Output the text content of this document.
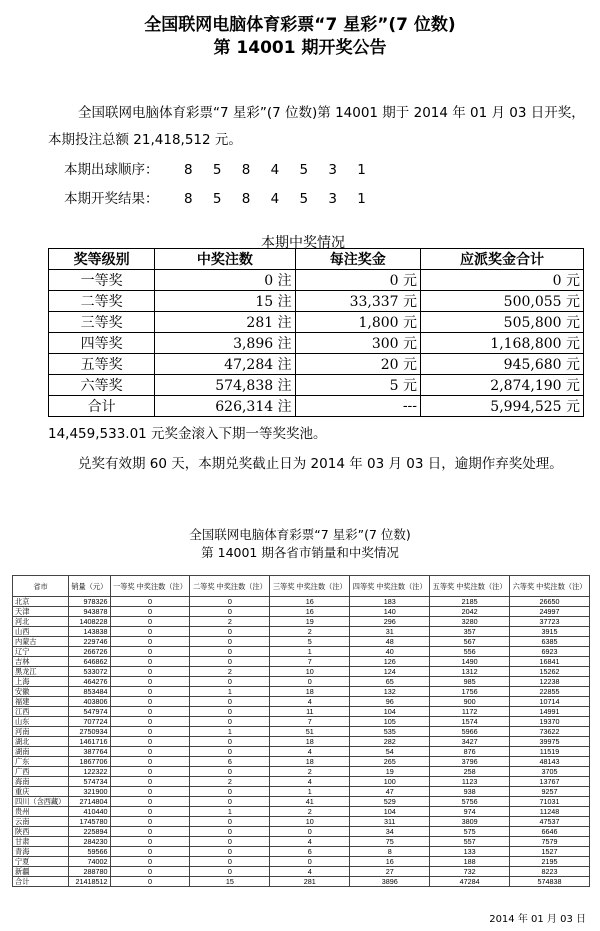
全国联网电脑体育彩票“7 星彩”(7 位数)
第 14001 期开奖公告
全国联网电脑体育彩票“7 星彩”(7 位数)第 14001 期于 2014 年 01 月 03 日开奖，本期投注总额 21,418,512 元。
本期出球顺序： 8 5 8 4 5 3 1
本期开奖结果： 8 5 8 4 5 3 1
本期中奖情况
奖等级别	中奖注数	每注奖金	应派奖金合计
一等奖	0 注	0 元	0 元
二等奖	15 注	33,337 元	500,055 元
三等奖	281 注	1,800 元	505,800 元
四等奖	3,896 注	300 元	1,168,800 元
五等奖	47,284 注	20 元	945,680 元
六等奖	574,838 注	5 元	2,874,190 元
合计	626,314 注	---	5,994,525 元
14,459,533.01 元奖金滚入下期一等奖奖池。
兑奖有效期 60 天，本期兑奖截止日为 2014 年 03 月 03 日，逾期作弃奖处理。
全国联网电脑体育彩票“7 星彩”(7 位数)
第 14001 期各省市销量和中奖情况
省市	销量（元）	一等奖 中奖注数（注）	二等奖 中奖注数（注）	三等奖 中奖注数（注）	四等奖 中奖注数（注）	五等奖 中奖注数（注）	六等奖 中奖注数（注）
北京	978326	0	0	16	183	2185	26650
天津	943878	0	0	16	140	2042	24997
河北	1408228	0	2	19	296	3280	37723
山西	143838	0	0	2	31	357	3915
内蒙古	229746	0	0	5	48	567	6385
辽宁	266726	0	0	1	40	556	6923
吉林	646862	0	0	7	126	1490	16841
黑龙江	533072	0	2	10	124	1312	15262
上海	464276	0	0	0	65	985	12238
安徽	853484	0	1	18	132	1756	22855
福建	403806	0	0	4	96	900	10714
江西	547974	0	0	11	104	1172	14991
山东	707724	0	0	7	105	1574	19370
河南	2750934	0	1	51	535	5966	73622
湖北	1461716	0	0	18	282	3427	39975
湖南	387764	0	0	4	54	876	11519
广东	1867706	0	6	18	265	3796	48143
广西	122322	0	0	2	19	258	3705
海南	574734	0	2	4	100	1123	13767
重庆	321900	0	0	1	47	938	9257
四川（含西藏）	2714804	0	0	41	529	5756	71031
贵州	410440	0	1	2	104	974	11248
云南	1745780	0	0	10	311	3809	47537
陕西	225894	0	0	0	34	575	6646
甘肃	284230	0	0	4	75	557	7579
青海	59566	0	0	6	8	133	1527
宁夏	74002	0	0	0	16	188	2195
新疆	288780	0	0	4	27	732	8223
合计	21418512	0	15	281	3896	47284	574838
2014 年 01 月 03 日
